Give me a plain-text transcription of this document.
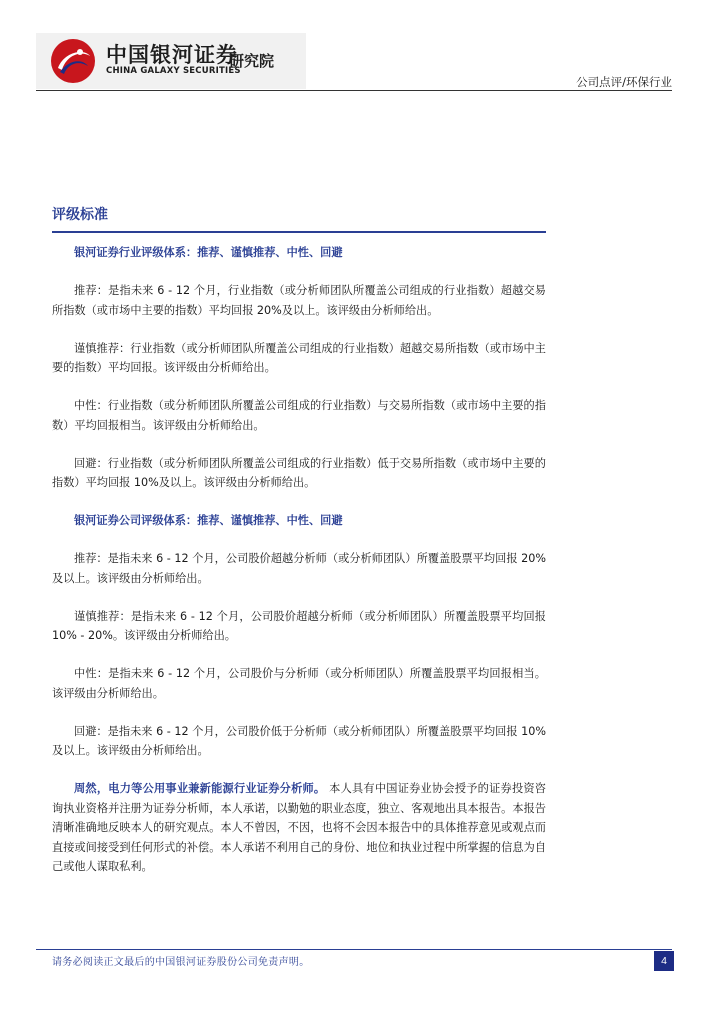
中国银河证券
CHINA GALAXY SECURITIES
研究院
公司点评/环保行业
评级标准

银河证券行业评级体系：推荐、谨慎推荐、中性、回避

推荐：是指未来 6 - 12 个月，行业指数（或分析师团队所覆盖公司组成的行业指数）超越交易所指数（或市场中主要的指数）平均回报 20%及以上。该评级由分析师给出。

谨慎推荐：行业指数（或分析师团队所覆盖公司组成的行业指数）超越交易所指数（或市场中主要的指数）平均回报。该评级由分析师给出。

中性：行业指数（或分析师团队所覆盖公司组成的行业指数）与交易所指数（或市场中主要的指数）平均回报相当。该评级由分析师给出。

回避：行业指数（或分析师团队所覆盖公司组成的行业指数）低于交易所指数（或市场中主要的指数）平均回报 10%及以上。该评级由分析师给出。

银河证券公司评级体系：推荐、谨慎推荐、中性、回避

推荐：是指未来 6 - 12 个月，公司股价超越分析师（或分析师团队）所覆盖股票平均回报 20%及以上。该评级由分析师给出。

谨慎推荐：是指未来 6 - 12 个月，公司股价超越分析师（或分析师团队）所覆盖股票平均回报 10% - 20%。该评级由分析师给出。

中性：是指未来 6 - 12 个月，公司股价与分析师（或分析师团队）所覆盖股票平均回报相当。该评级由分析师给出。

回避：是指未来 6 - 12 个月，公司股价低于分析师（或分析师团队）所覆盖股票平均回报 10%及以上。该评级由分析师给出。

周然，电力等公用事业兼新能源行业证券分析师。 本人具有中国证券业协会授予的证券投资咨询执业资格并注册为证券分析师，本人承诺，以勤勉的职业态度，独立、客观地出具本报告。本报告清晰准确地反映本人的研究观点。本人不曾因，不因，也将不会因本报告中的具体推荐意见或观点而直接或间接受到任何形式的补偿。本人承诺不利用自己的身份、地位和执业过程中所掌握的信息为自己或他人谋取私利。

请务必阅读正文最后的中国银河证券股份公司免责声明。	4
